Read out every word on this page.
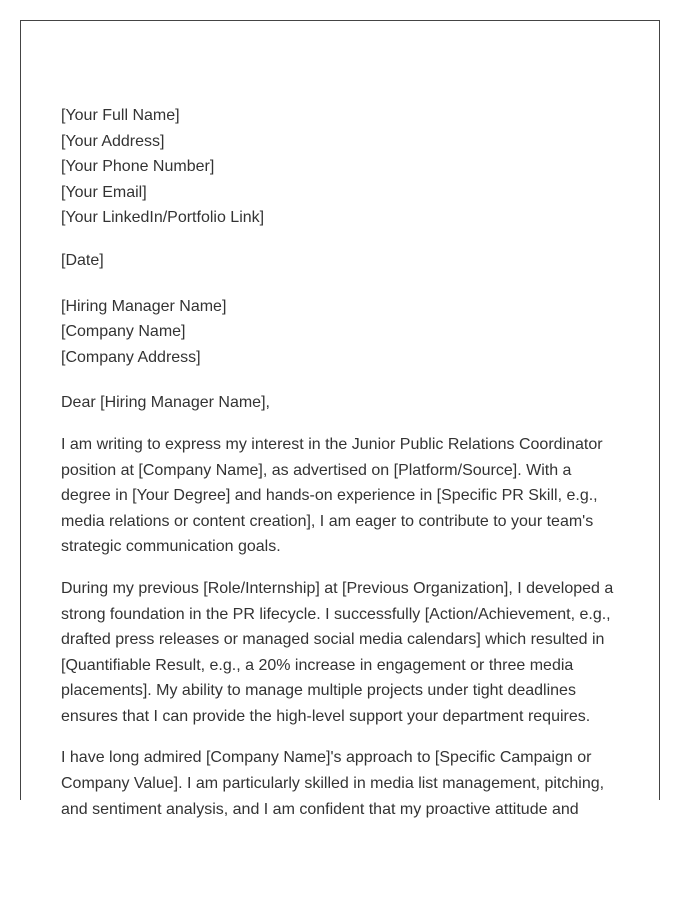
[Your Full Name]
[Your Address]
[Your Phone Number]
[Your Email]
[Your LinkedIn/Portfolio Link]
[Date]
[Hiring Manager Name]
[Company Name]
[Company Address]
Dear [Hiring Manager Name],

I am writing to express my interest in the Junior Public Relations Coordinator position at [Company Name], as advertised on [Platform/Source]. With a degree in [Your Degree] and hands-on experience in [Specific PR Skill, e.g., media relations or content creation], I am eager to contribute to your team's strategic communication goals.

During my previous [Role/Internship] at [Previous Organization], I developed a strong foundation in the PR lifecycle. I successfully [Action/Achievement, e.g., drafted press releases or managed social media calendars] which resulted in [Quantifiable Result, e.g., a 20% increase in engagement or three media placements]. My ability to manage multiple projects under tight deadlines ensures that I can provide the high-level support your department requires.

I have long admired [Company Name]'s approach to [Specific Campaign or Company Value]. I am particularly skilled in media list management, pitching, and sentiment analysis, and I am confident that my proactive attitude and
